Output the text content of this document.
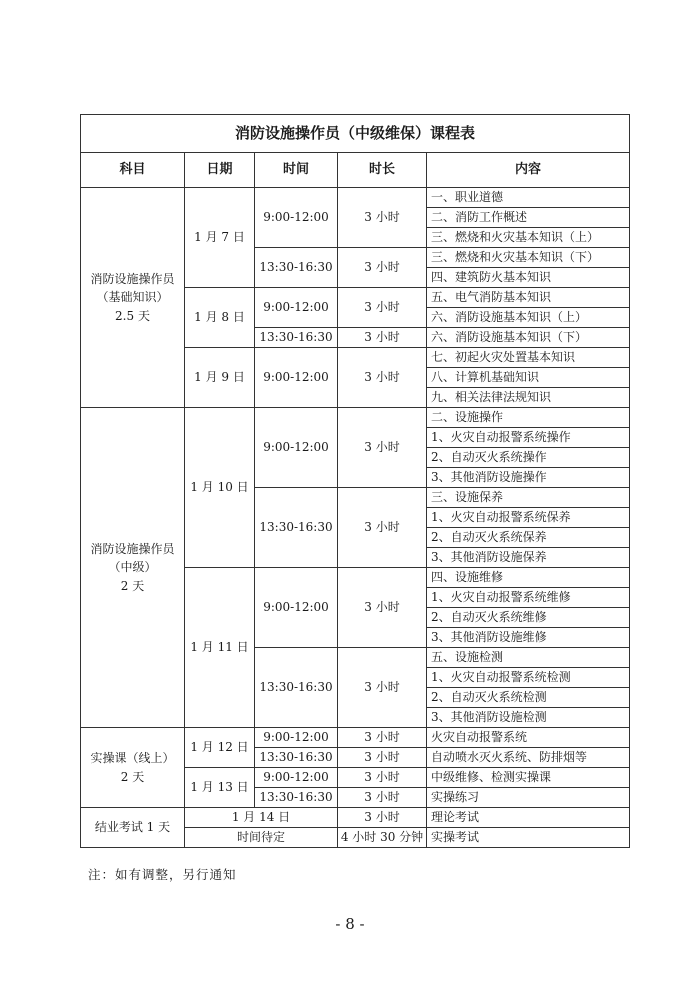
消防设施操作员（中级维保）课程表				
科目	日期	时间	时长	内容

消防设施操作员
（基础知识）
2.5 天	1 月 7 日	9:00-12:00	3 小时	一、职业道德
				二、消防工作概述
				三、燃烧和火灾基本知识（上）
		13:30-16:30	3 小时	三、燃烧和火灾基本知识（下）
				四、建筑防火基本知识
	1 月 8 日	9:00-12:00	3 小时	五、电气消防基本知识
				六、消防设施基本知识（上）
		13:30-16:30	3 小时	六、消防设施基本知识（下）
	1 月 9 日	9:00-12:00	3 小时	七、初起火灾处置基本知识
				八、计算机基础知识
				九、相关法律法规知识

消防设施操作员
（中级）
2 天	1 月 10 日	9:00-12:00	3 小时	二、设施操作
				1、火灾自动报警系统操作
				2、自动灭火系统操作
				3、其他消防设施操作
		13:30-16:30	3 小时	三、设施保养
				1、火灾自动报警系统保养
				2、自动灭火系统保养
				3、其他消防设施保养
	1 月 11 日	9:00-12:00	3 小时	四、设施维修
				1、火灾自动报警系统维修
				2、自动灭火系统维修
				3、其他消防设施维修
		13:30-16:30	3 小时	五、设施检测
				1、火灾自动报警系统检测
				2、自动灭火系统检测
				3、其他消防设施检测

实操课（线上）
2 天	1 月 12 日	9:00-12:00	3 小时	火灾自动报警系统
		13:30-16:30	3 小时	自动喷水灭火系统、防排烟等
	1 月 13 日	9:00-12:00	3 小时	中级维修、检测实操课
		13:30-16:30	3 小时	实操练习
结业考试 1 天	1 月 14 日		3 小时	理论考试
	时间待定		4 小时 30 分钟	实操考试
注：如有调整，另行通知
- 8 -
